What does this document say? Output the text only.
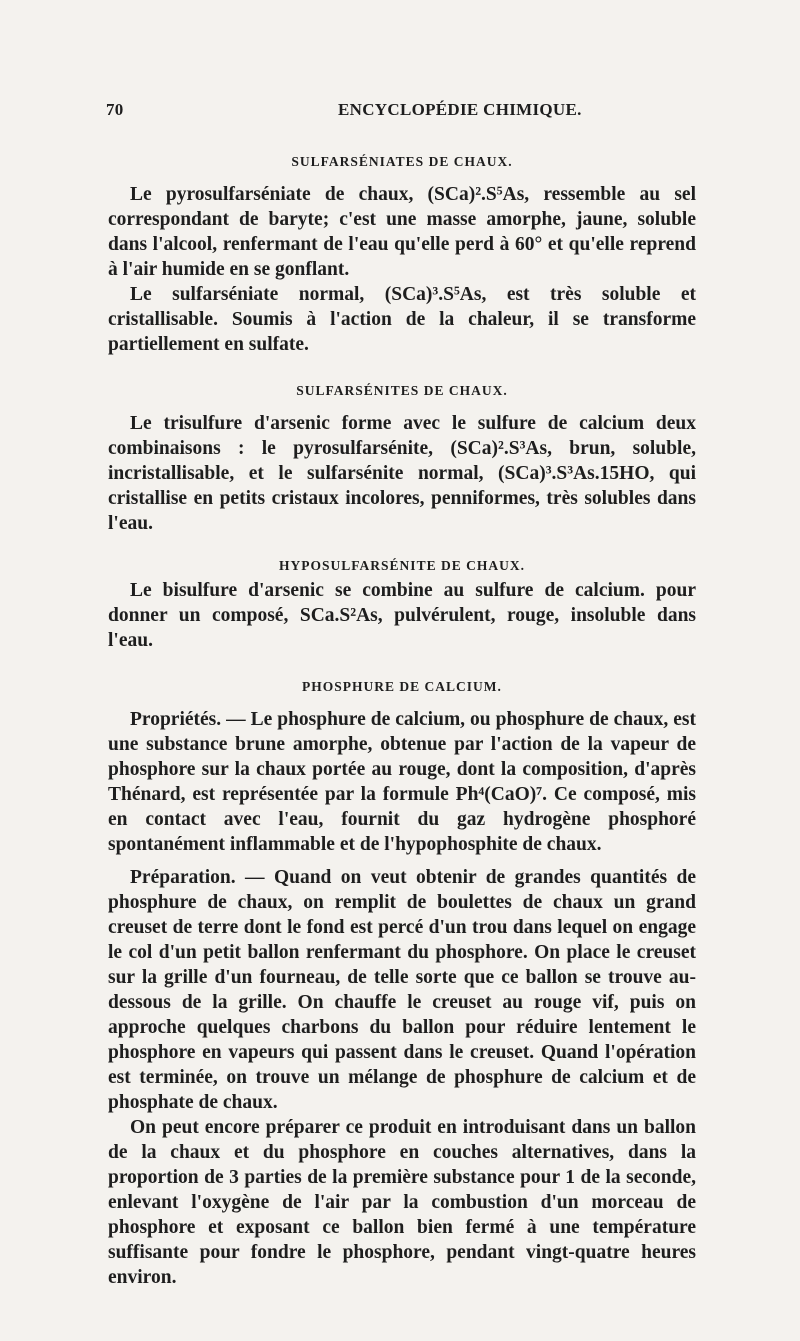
70	ENCYCLOPÉDIE CHIMIQUE.
SULFARSÉNIATES DE CHAUX.

Le pyrosulfarséniate de chaux, (SCa)².S⁵As, ressemble au sel correspondant de baryte; c'est une masse amorphe, jaune, soluble dans l'alcool, renfermant de l'eau qu'elle perd à 60° et qu'elle reprend à l'air humide en se gonflant.

Le sulfarséniate normal, (SCa)³.S⁵As, est très soluble et cristallisable. Soumis à l'action de la chaleur, il se transforme partiellement en sulfate.

SULFARSÉNITES DE CHAUX.

Le trisulfure d'arsenic forme avec le sulfure de calcium deux combinaisons : le pyrosulfarsénite, (SCa)².S³As, brun, soluble, incristallisable, et le sulfarsénite normal, (SCa)³.S³As.15HO, qui cristallise en petits cristaux incolores, penniformes, très solubles dans l'eau.

HYPOSULFARSÉNITE DE CHAUX.

Le bisulfure d'arsenic se combine au sulfure de calcium. pour donner un composé, SCa.S²As, pulvérulent, rouge, insoluble dans l'eau.

PHOSPHURE DE CALCIUM.

Propriétés. — Le phosphure de calcium, ou phosphure de chaux, est une substance brune amorphe, obtenue par l'action de la vapeur de phosphore sur la chaux portée au rouge, dont la composition, d'après Thénard, est représentée par la formule Ph⁴(CaO)⁷. Ce composé, mis en contact avec l'eau, fournit du gaz hydrogène phosphoré spontanément inflammable et de l'hypophosphite de chaux.

Préparation. — Quand on veut obtenir de grandes quantités de phosphure de chaux, on remplit de boulettes de chaux un grand creuset de terre dont le fond est percé d'un trou dans lequel on engage le col d'un petit ballon renfermant du phosphore. On place le creuset sur la grille d'un fourneau, de telle sorte que ce ballon se trouve au-dessous de la grille. On chauffe le creuset au rouge vif, puis on approche quelques charbons du ballon pour réduire lentement le phosphore en vapeurs qui passent dans le creuset. Quand l'opération est terminée, on trouve un mélange de phosphure de calcium et de phosphate de chaux.

On peut encore préparer ce produit en introduisant dans un ballon de la chaux et du phosphore en couches alternatives, dans la proportion de 3 parties de la première substance pour 1 de la seconde, enlevant l'oxygène de l'air par la combustion d'un morceau de phosphore et exposant ce ballon bien fermé à une température suffisante pour fondre le phosphore, pendant vingt-quatre heures environ.
